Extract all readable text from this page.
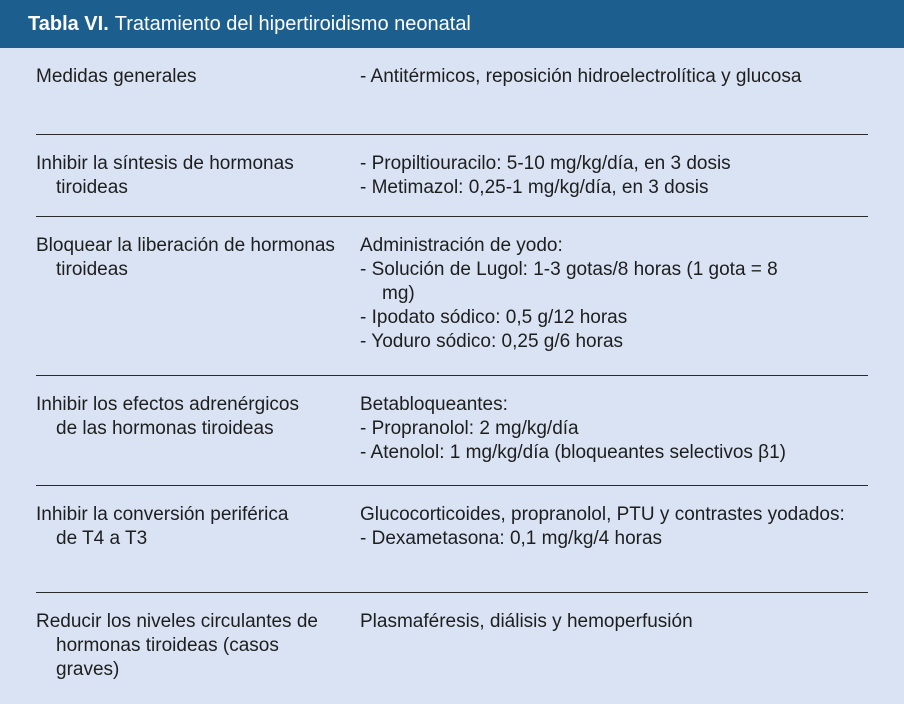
Tabla VI. Tratamiento del hipertiroidismo neonatal
Medidas generales	- Antitérmicos, reposición hidroelectrolítica y glucosa
Inhibir la síntesis de hormonas tiroideas
- Propiltiouracilo: 5-10 mg/kg/día, en 3 dosis
- Metimazol: 0,25-1 mg/kg/día, en 3 dosis
Bloquear la liberación de hormonas tiroideas
Administración de yodo:
- Solución de Lugol: 1-3 gotas/8 horas (1 gota = 8 mg)
- Ipodato sódico: 0,5 g/12 horas
- Yoduro sódico: 0,25 g/6 horas
Inhibir los efectos adrenérgicos de las hormonas tiroideas
Betabloqueantes:
- Propranolol: 2 mg/kg/día
- Atenolol: 1 mg/kg/día (bloqueantes selectivos β1)
Inhibir la conversión periférica de T4 a T3
Glucocorticoides, propranolol, PTU y contrastes yodados:
- Dexametasona: 0,1 mg/kg/4 horas
Reducir los niveles circulantes de hormonas tiroideas (casos graves)
Plasmaféresis, diálisis y hemoperfusión
